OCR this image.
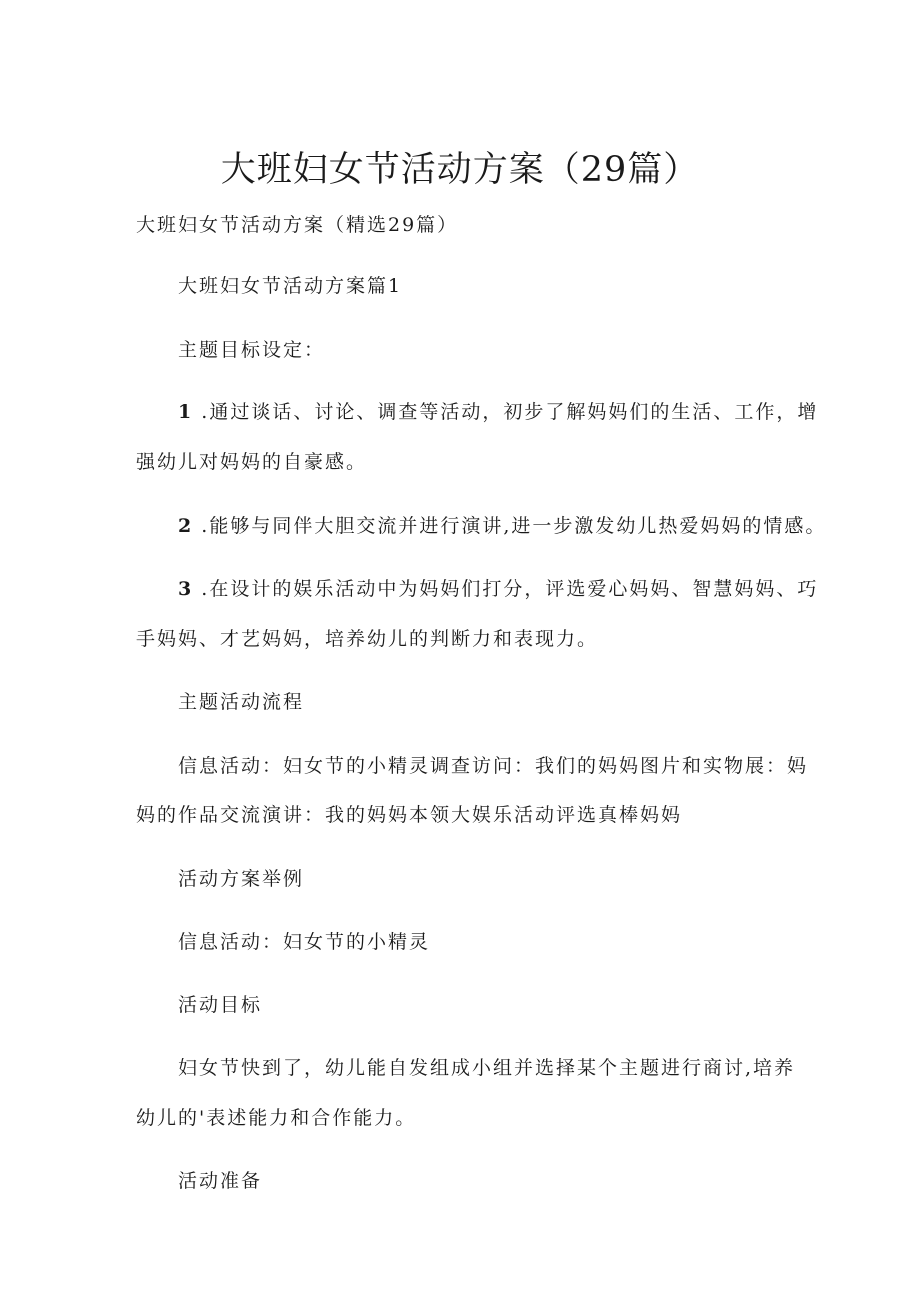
大班妇女节活动方案（29篇）
大班妇女节活动方案（精选29篇）
大班妇女节活动方案篇1
主题目标设定：
1 .通过谈话、讨论、调查等活动，初步了解妈妈们的生活、工作，增
强幼儿对妈妈的自豪感。
2 .能够与同伴大胆交流并进行演讲,进一步激发幼儿热爱妈妈的情感。
3 .在设计的娱乐活动中为妈妈们打分，评选爱心妈妈、智慧妈妈、巧
手妈妈、才艺妈妈，培养幼儿的判断力和表现力。
主题活动流程
信息活动：妇女节的小精灵调查访问：我们的妈妈图片和实物展：妈
妈的作品交流演讲：我的妈妈本领大娱乐活动评选真棒妈妈
活动方案举例
信息活动：妇女节的小精灵
活动目标
妇女节快到了，幼儿能自发组成小组并选择某个主题进行商讨,培养
幼儿的'表述能力和合作能力。
活动准备
